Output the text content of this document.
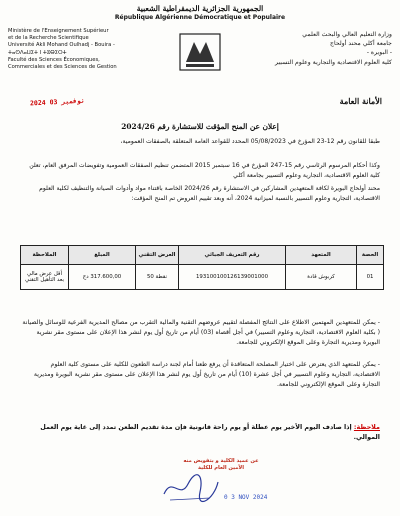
الجمهورية الجزائرية الديمقراطية الشعبية
République Algérienne Démocratique et Populaire
Ministère de l'Enseignement Supérieur
et de la Recherche Scientifique
Université Akli Mohand Oulhadj - Bouira -
ⵜⴰⵙⴷⴰⵡⵉⵜ ⵏ ⵜⵓⴱⵉⵔⵜ
Faculté des Sciences Économiques,
Commerciales et des Sciences de Gestion
وزارة التعليم العالي والبحث العلمي
جامعة أكلي محند أولحاج
- البويرة -
كلية العلوم الاقتصادية والتجارية وعلوم التسيير
2024 نوفمبر 03	الأمانة العامة
إعلان عن المنح المؤقت للاستشارة رقم 2024/26
طبقا للقانون رقم 12-23 المؤرخ في 05/08/2023 المحدد للقواعد العامة المتعلقة بالصفقات العمومية،
وكذا أحكام المرسوم الرئاسي رقم 15-247 المؤرخ في 16 سبتمبر 2015 المتضمن تنظيم الصفقات العمومية وتفويضات المرفق العام، تعلن كلية العلوم الاقتصادية، التجارية وعلوم التسيير بجامعة أكلي
محند أولحاج البويرة لكافة المتعهدين المشاركين في الاستشارة رقم 2024/26 الخاصة باقتناء مواد وأدوات الصيانة والتنظيف لكلية العلوم الاقتصادية، التجارية وعلوم التسيير بالنسبة لميزانية 2024، أنه وبعد تقييم العروض تم المنح المؤقت:
الحصة	المتعهد	رقم التعريف الجبائي	العرض التقني	المبلغ	الملاحظة
01	كربوش قادة	193100100126139001000	نقطة 50	317.600,00 دج	أقل عرض مالي بعد التأهيل التقني
- يمكن للمتعهدين المهتمين الاطلاع على النتائج المفصلة لتقييم عروضهم التقنية والمالية التقرب من مصالح المديرية الفرعية للوسائل والصيانة ( بكلية العلوم الاقتصادية، التجارية وعلوم التسيير) في أجل أقصاه (03) أيام من تاريخ أول يوم لنشر هذا الإعلان على مستوى مقر نشرية البويرة ومديرية التجارة وعلى الموقع الإلكتروني للجامعة.
- يمكن للمتعهد الذي يعترض على اختيار المصلحة المتعاقدة أن يرفع طعنا أمام لجنة دراسة الطعون للكلية على مستوى كلية العلوم الاقتصادية، التجارية وعلوم التسيير في أجل عشرة (10) أيام من تاريخ أول يوم لنشر هذا الإعلان على مستوى مقر نشرية البويرة ومديرية التجارة وعلى الموقع الإلكتروني للجامعة.
ملاحظة: إذا صادف اليوم الأخير يوم عطلة أو يوم راحة قانونية فإن مدة تقديم الطعن تمدد إلى غاية يوم العمل الموالي.
عن عميد الكلية و بتفويض منه
الأمين العام للكلية
0 3 NOV 2024
